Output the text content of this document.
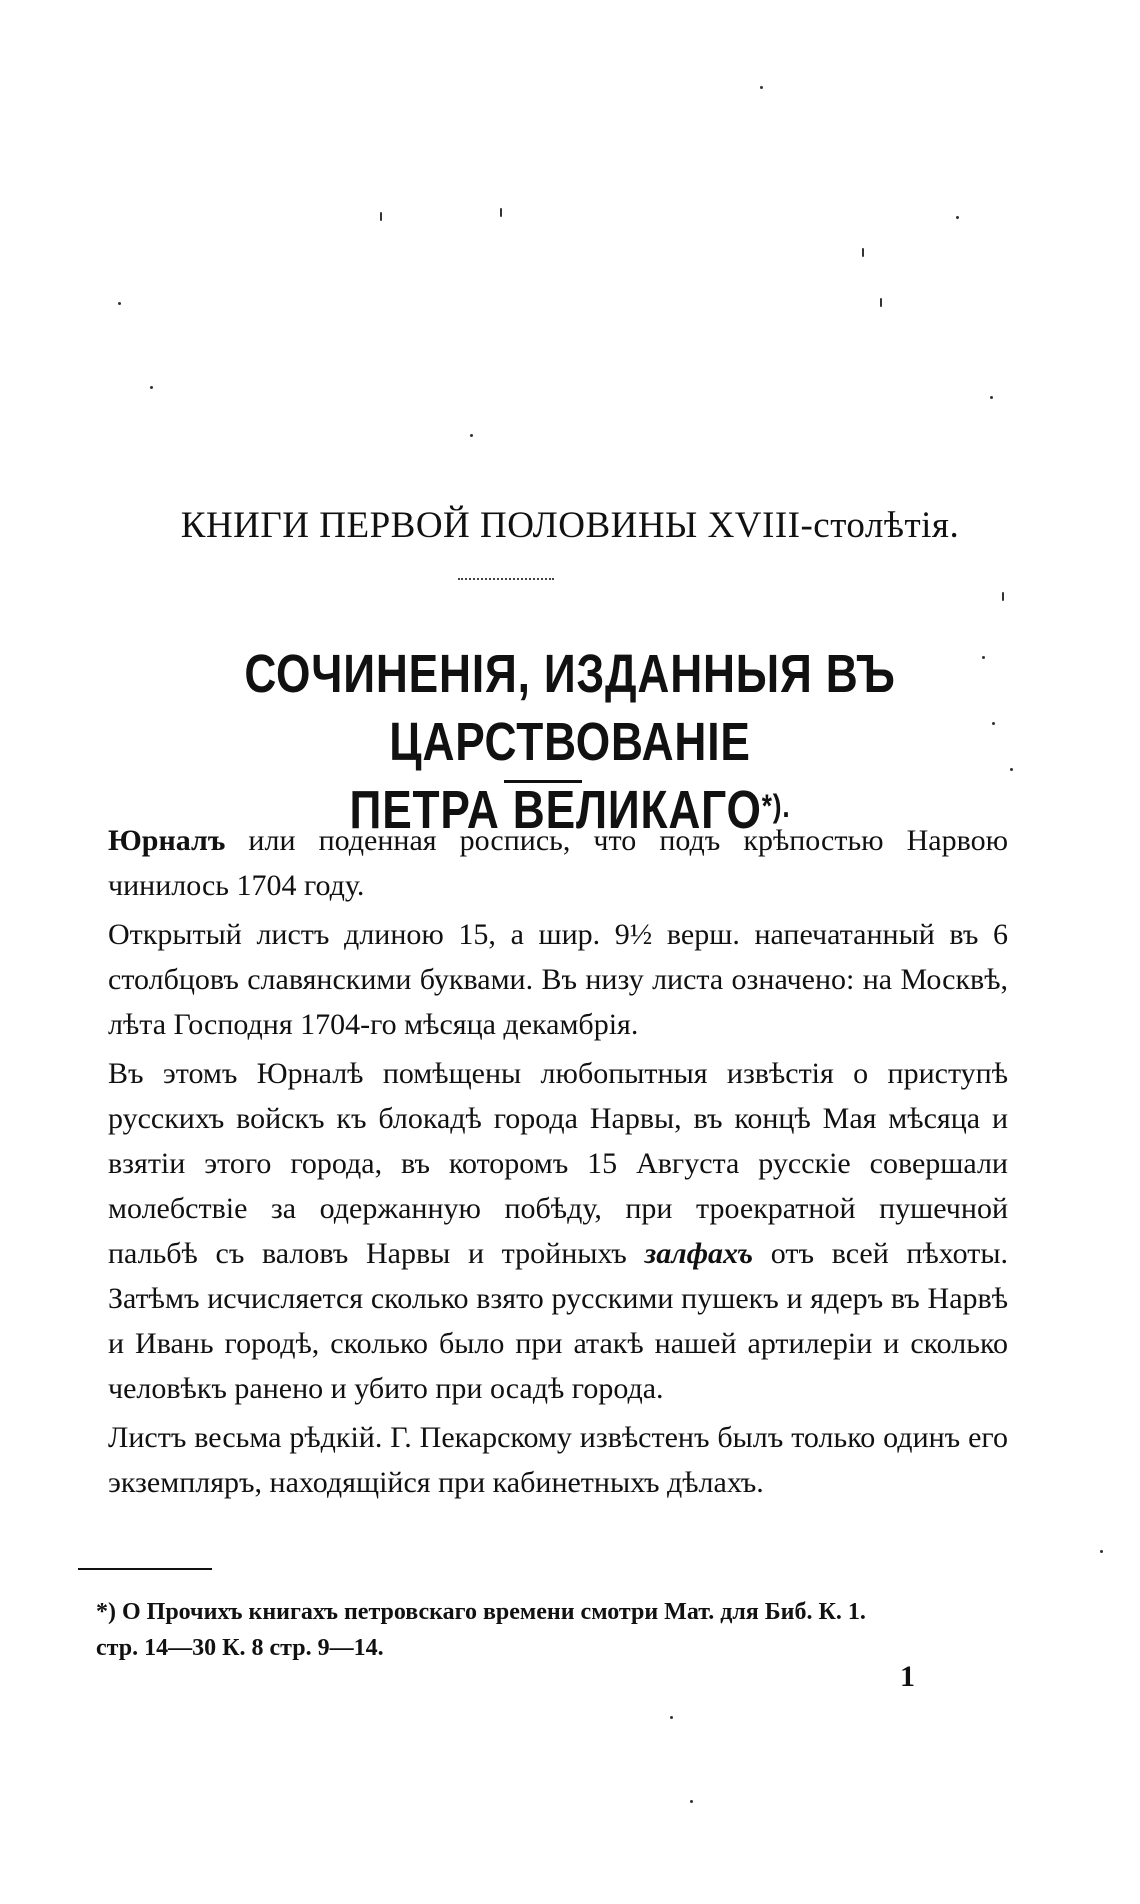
КНИГИ ПЕРВОЙ ПОЛОВИНЫ XVIII-столѣтія.
СОЧИНЕНІЯ, ИЗДАННЫЯ ВЪ ЦАРСТВОВАНІЕ
ПЕТРА ВЕЛИКАГО*).

Юрналъ или поденная роспись, что подъ крѣпостью Нарвою чинилось 1704 году.

Открытый листъ длиною 15, а шир. 9½ верш. напечатанный въ 6 столбцовъ славянскими буквами. Въ низу листа означено: на Москвѣ, лѣта Господня 1704-го мѣсяца декамбрія.

Въ этомъ Юрналѣ помѣщены любопытныя извѣстія о приступѣ русскихъ войскъ къ блокадѣ города Нарвы, въ концѣ Мая мѣсяца и взятіи этого города, въ которомъ 15 Августа русскіе совершали молебствіе за одержанную побѣду, при троекратной пушечной пальбѣ съ валовъ Нарвы и тройныхъ залфахъ отъ всей пѣхоты. Затѣмъ исчисляется сколько взято русскими пушекъ и ядеръ въ Нарвѣ и Ивань городѣ, сколько было при атакѣ нашей артилеріи и сколько человѣкъ ранено и убито при осадѣ города.

Листъ весьма рѣдкій. Г. Пекарскому извѣстенъ былъ только одинъ его экземпляръ, находящійся при кабинетныхъ дѣлахъ.

*) О Прочихъ книгахъ петровскаго времени смотри Мат. для Биб. К. 1.
стр. 14—30 К. 8 стр. 9—14.
1
